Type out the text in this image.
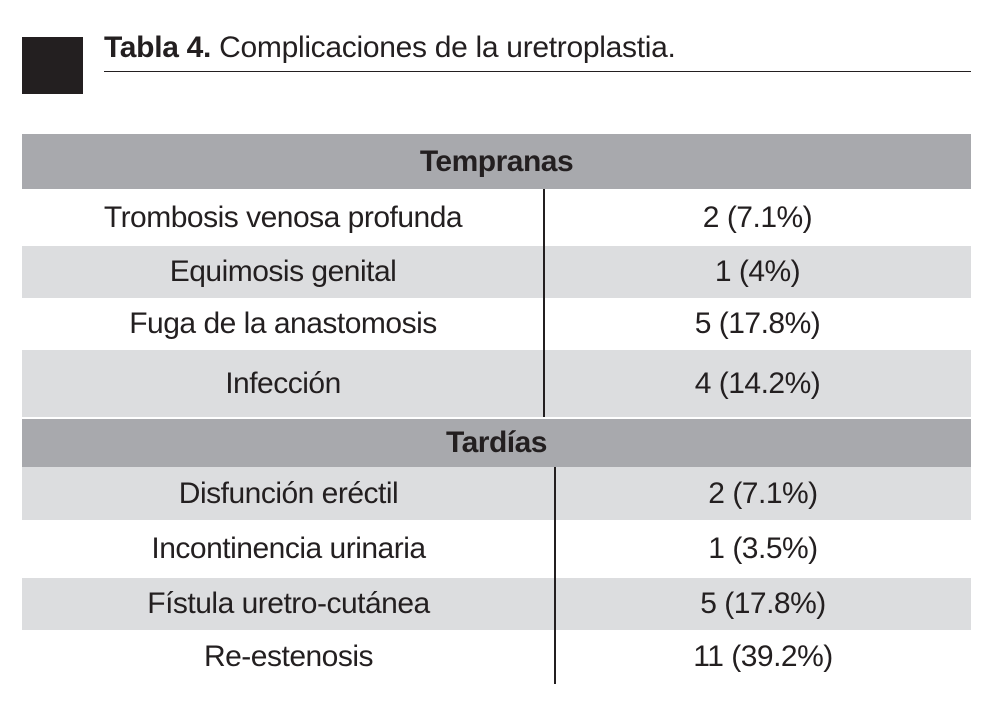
Tabla 4. Complicaciones de la uretroplastia.
Tempranas
Trombosis venosa profunda	2 (7.1%)
Equimosis genital	1 (4%)
Fuga de la anastomosis	5 (17.8%)
Infección	4 (14.2%)
Tardías
Disfunción eréctil	2 (7.1%)
Incontinencia urinaria	1 (3.5%)
Fístula uretro-cutánea	5 (17.8%)
Re-estenosis	11 (39.2%)
